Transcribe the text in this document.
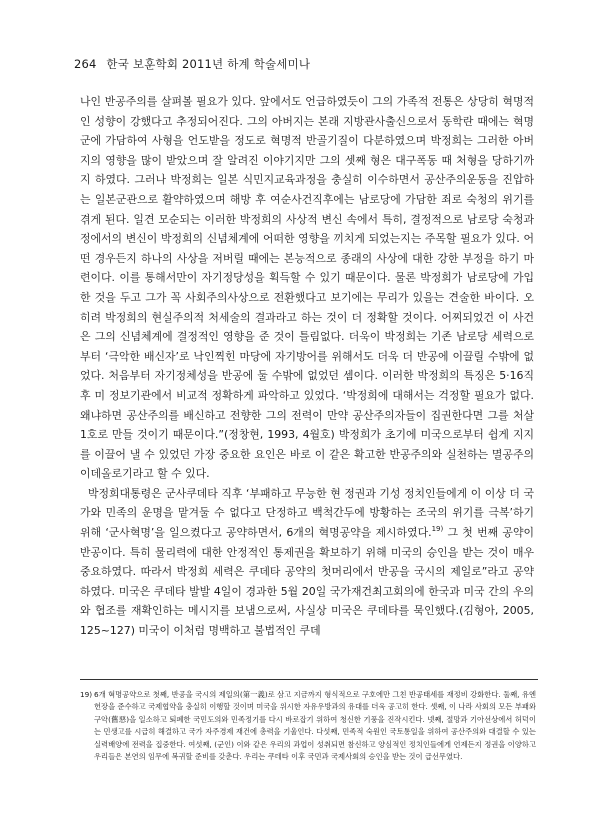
264 한국 보훈학회 2011년 하계 학술세미나

나인 반공주의를 살펴볼 필요가 있다. 앞에서도 언급하였듯이 그의 가족적 전통은 상당히 혁명적인 성향이 강했다고 추정되어진다. 그의 아버지는 본래 지방관사출신으로서 동학란 때에는 혁명군에 가담하여 사형을 언도받을 정도로 혁명적 반골기질이 다분하였으며 박정희는 그러한 아버지의 영향을 많이 받았으며 잘 알려진 이야기지만 그의 셋째 형은 대구폭동 때 처형을 당하기까지 하였다. 그러나 박정희는 일본 식민지교육과정을 충실히 이수하면서 공산주의운동을 진압하는 일본군관으로 활약하였으며 해방 후 여순사건직후에는 남로당에 가담한 죄로 숙청의 위기를 겪게 된다. 일견 모순되는 이러한 박정희의 사상적 변신 속에서 특히, 결정적으로 남로당 숙청과정에서의 변신이 박정희의 신념체계에 어떠한 영향을 끼치게 되었는지는 주목할 필요가 있다. 어떤 경우든지 하나의 사상을 저버릴 때에는 본능적으로 종래의 사상에 대한 강한 부정을 하기 마련이다. 이를 통해서만이 자기정당성을 획득할 수 있기 때문이다. 물론 박정희가 남로당에 가입한 것을 두고 그가 꼭 사회주의사상으로 전환했다고 보기에는 무리가 있을는 견술한 바이다. 오히려 박정희의 현실주의적 처세술의 결과라고 하는 것이 더 정확할 것이다. 어찌되었건 이 사건은 그의 신념체계에 결정적인 영향을 준 것이 틀림없다. 더욱이 박정희는 기존 남로당 세력으로부터 ‘극악한 배신자’로 낙인찍힌 마당에 자기방어를 위해서도 더욱 더 반공에 이끌릴 수밖에 없었다. 처음부터 자기정체성을 반공에 둘 수밖에 없었던 셈이다. 이러한 박정희의 특징은 5·16직후 미 정보기관에서 비교적 정확하게 파악하고 있었다. ‘박정희에 대해서는 걱정할 필요가 없다. 왜냐하면 공산주의를 배신하고 전향한 그의 전력이 만약 공산주의자들이 집권한다면 그를 처살 1호로 만들 것이기 때문이다.”(정창현, 1993, 4월호) 박정희가 초기에 미국으로부터 쉽게 지지를 이끌어 낼 수 있었던 가장 중요한 요인은 바로 이 같은 확고한 반공주의와 실천하는 멸공주의 이데올로기라고 할 수 있다.

박정희대통령은 군사쿠데타 직후 ‘부패하고 무능한 현 정권과 기성 정치인들에게 이 이상 더 국가와 민족의 운명을 맡겨둘 수 없다고 단정하고 백척간두에 방황하는 조국의 위기를 극복’하기 위해 ‘군사혁명’을 일으켰다고 공약하면서, 6개의 혁명공약을 제시하였다.$^{19)}$ 그 첫 번째 공약이 반공이다. 특히 물리력에 대한 안정적인 통제권을 확보하기 위해 미국의 승인을 받는 것이 매우 중요하였다. 따라서 박정희 세력은 쿠데타 공약의 첫머리에서 반공을 국시의 제일로”라고 공약하였다. 미국은 쿠데타 발발 4일이 경과한 5월 20일 국가재건최고회의에 한국과 미국 간의 우의와 협조를 재확인하는 메시지를 보냄으로써, 사실상 미국은 쿠데타를 묵인했다.(김형아, 2005, 125~127) 미국이 이처럼 명백하고 불법적인 쿠데

19) 6개 혁명공약으로 첫째, 반공을 국시의 제일의(第一義)로 삼고 지금까지 형식적으로 구호에만 그친 반공태세를 재정비 강화한다. 둘째, 유엔 헌장을 준수하고 국제협약을 충실히 이행할 것이며 미국을 위시한 자유우방과의 유대를 더욱 공고히 한다. 셋째, 이 나라 사회의 모든 부패와 구악(舊惡)을 일소하고 퇴폐한 국민도의와 민족정기를 다시 바로잡기 위하여 청신한 기풍을 진작시킨다. 넷째, 절망과 기아선상에서 허덕이는 민생고를 시급히 해결하고 국가 자주경제 재건에 총력을 기울인다. 다섯째, 민족적 숙원인 국토통일을 위하여 공산주의와 대결할 수 있는 실력배양에 전력을 집중한다. 여섯째, (군인) 이와 같은 우리의 과업이 성취되면 참신하고 양심적인 정치인들에게 언제든지 정권을 이양하고 우리들은 본연의 임무에 복귀할 준비를 갖춘다. 우리는 쿠데타 이후 국민과 국제사회의 승인을 받는 것이 급선무였다.
